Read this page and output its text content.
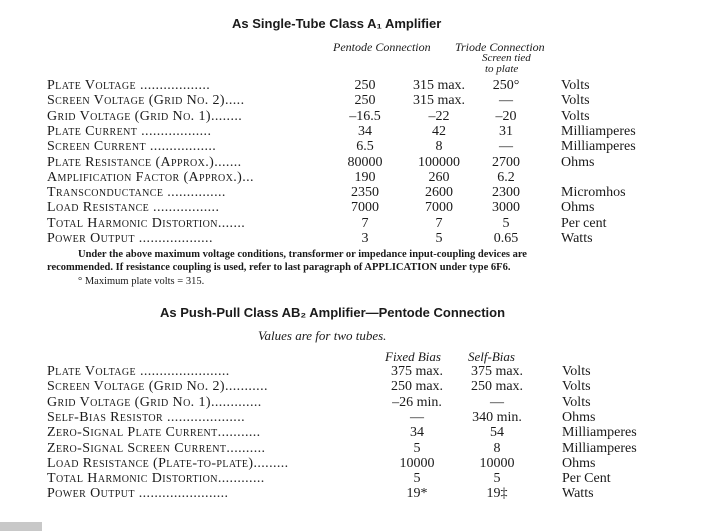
As Single-Tube Class A₁ Amplifier
Pentode Connection Triode Connection
Screen tied
to plate
Plate Voltage ..................	250	315 max.	250°	Volts
Screen Voltage (Grid No. 2).....	250	315 max.	—	Volts
Grid Voltage (Grid No. 1)........	–16.5	–22	–20	Volts
Plate Current ..................	34	42	31	Milliamperes
Screen Current .................	6.5	8	—	Milliamperes
Plate Resistance (Approx.).......	80000	100000	2700	Ohms
Amplification Factor (Approx.)...	190	260	6.2
Transconductance ...............	2350	2600	2300	Micromhos
Load Resistance .................	7000	7000	3000	Ohms
Total Harmonic Distortion.......	7	7	5	Per cent
Power Output ...................	3	5	0.65	Watts
Under the above maximum voltage conditions, transformer or impedance input-coupling devices are
recommended. If resistance coupling is used, refer to last paragraph of APPLICATION under type 6F6.
° Maximum plate volts = 315.
As Push-Pull Class AB₂ Amplifier—Pentode Connection
Values are for two tubes.
Fixed Bias Self-Bias
Plate Voltage .......................	375 max.	375 max.	Volts
Screen Voltage (Grid No. 2)...........	250 max.	250 max.	Volts
Grid Voltage (Grid No. 1).............	–26 min.	—	Volts
Self-Bias Resistor ....................	—	340 min.	Ohms
Zero-Signal Plate Current...........	34	54	Milliamperes
Zero-Signal Screen Current..........	5	8	Milliamperes
Load Resistance (Plate-to-plate).........	10000	10000	Ohms
Total Harmonic Distortion............	5	5	Per Cent
Power Output .......................	19*	19‡	Watts
